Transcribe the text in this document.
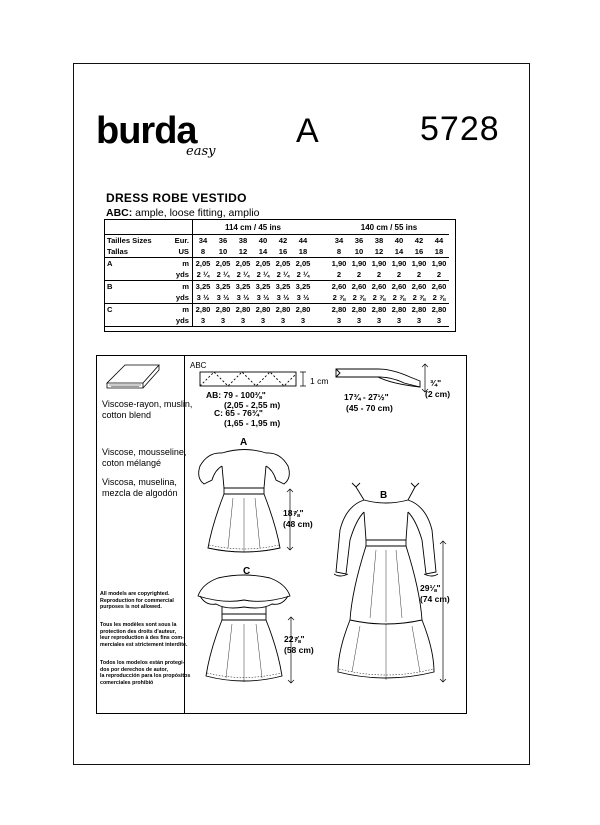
burda
easy
A	5728
DRESS ROBE VESTIDO
ABC: ample, loose fitting, amplio
		114 cm / 45 ins							140 cm / 55 ins					
Tailles Sizes	Eur.	34	36	38	40	42	44		34	36	38	40	42	44
Tallas	US	8	10	12	14	16	18		8	10	12	14	16	18
A	m	2,05	2,05	2,05	2,05	2,05	2,05		1,90	1,90	1,90	1,90	1,90	1,90
	yds	2 ¼	2 ¼	2 ¼	2 ¼	2 ¼	2 ¼		2	2	2	2	2	2
B	m	3,25	3,25	3,25	3,25	3,25	3,25		2,60	2,60	2,60	2,60	2,60	2,60
	yds	3 ½	3 ½	3 ½	3 ½	3 ½	3 ½		2 ⅞	2 ⅞	2 ⅞	2 ⅞	2 ⅞	2 ⅞
C	m	2,80	2,80	2,80	2,80	2,80	2,80		2,80	2,80	2,80	2,80	2,80	2,80
	yds	3	3	3	3	3	3		3	3	3	3	3	3
Viscose-rayon, muslin,
cotton blend
Viscose, mousseline,
coton mélangé
Viscosa, muselina,
mezcla de algodón
All models are copyrighted.
Reproduction for commercial
purposes is not allowed.
Tous les modèles sont sous la
protection des droits d'auteur,
leur reproduction à des fins com-
merciales est strictement interdite.
Todos los modelos están protegi-
dos por derechos de autor,
la reproducción para los propósitos
comerciales prohibió
ABC
1 cm
AB: 79 - 100⅜"
(2,05 - 2,55 m)
C: 65 - 76¾"
(1,65 - 1,95 m)
17¾ - 27½"
(45 - 70 cm)
¾"
(2 cm)
A
B
C
18⅞"
(48 cm)
29⅛"
(74 cm)
22⅞"
(58 cm)
